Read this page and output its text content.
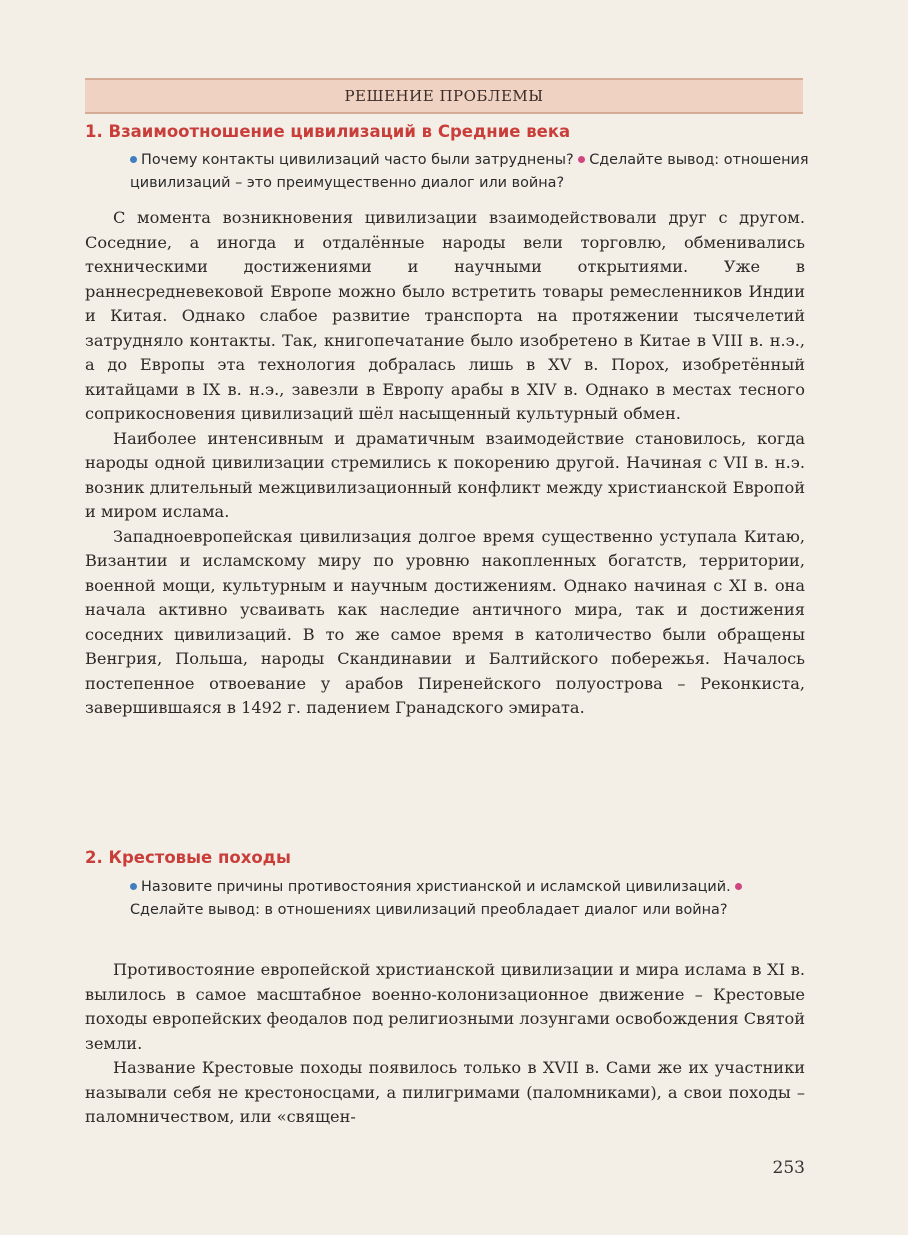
РЕШЕНИЕ ПРОБЛЕМЫ
1. Взаимоотношение цивилизаций в Средние века
Почему контакты цивилизаций часто были затруднены? Сделайте вывод: отношения цивилизаций – это преимущественно диалог или война?

С момента возникновения цивилизации взаимодействовали друг с другом. Соседние, а иногда и отдалённые народы вели торговлю, обменивались техническими достижениями и научными открытиями. Уже в раннесредневековой Европе можно было встретить товары ремесленников Индии и Китая. Однако слабое развитие транспорта на протяжении тысячелетий затрудняло контакты. Так, книгопечатание было изобретено в Китае в VIII в. н.э., а до Европы эта технология добралась лишь в XV в. Порох, изобретённый китайцами в IX в. н.э., завезли в Европу арабы в XIV в. Однако в местах тесного соприкосновения цивилизаций шёл насыщенный культурный обмен.

Наиболее интенсивным и драматичным взаимодействие становилось, когда народы одной цивилизации стремились к покорению другой. Начиная с VII в. н.э. возник длительный межцивилизационный конфликт между христианской Европой и миром ислама.

Западноевропейская цивилизация долгое время существенно уступала Китаю, Византии и исламскому миру по уровню накопленных богатств, территории, военной мощи, культурным и научным достижениям. Однако начиная с XI в. она начала активно усваивать как наследие античного мира, так и достижения соседних цивилизаций. В то же самое время в католичество были обращены Венгрия, Польша, народы Скандинавии и Балтийского побережья. Началось постепенное отвоевание у арабов Пиренейского полуострова – Реконкиста, завершившаяся в 1492 г. падением Гранадского эмирата.

2. Крестовые походы
Назовите причины противостояния христианской и исламской цивилизаций. Сделайте вывод: в отношениях цивилизаций преобладает диалог или война?

Противостояние европейской христианской цивилизации и мира ислама в XI в. вылилось в самое масштабное военно-колонизационное движение – Крестовые походы европейских феодалов под религиозными лозунгами освобождения Святой земли.

Название Крестовые походы появилось только в XVII в. Сами же их участники называли себя не крестоносцами, а пилигримами (паломниками), а свои походы – паломничеством, или «священ-

253
